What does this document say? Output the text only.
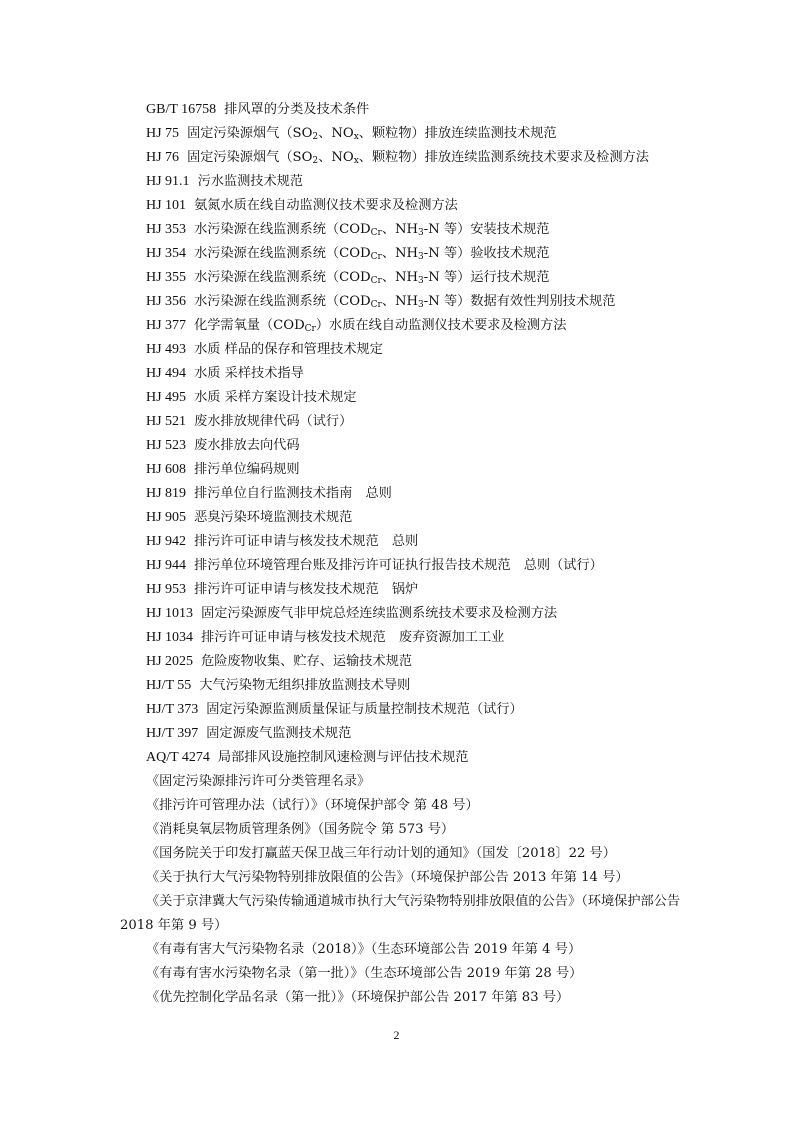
GB/T 16758 排风罩的分类及技术条件
HJ 75 固定污染源烟气（$SO_2$、$NO_x$、颗粒物）排放连续监测技术规范
HJ 76 固定污染源烟气（$SO_2$、$NO_x$、颗粒物）排放连续监测系统技术要求及检测方法
HJ 91.1 污水监测技术规范
HJ 101 氨氮水质在线自动监测仪技术要求及检测方法
HJ 353 水污染源在线监测系统（$COD_{Cr}$、$NH_3-N$ 等）安装技术规范
HJ 354 水污染源在线监测系统（$COD_{Cr}$、$NH_3-N$ 等）验收技术规范
HJ 355 水污染源在线监测系统（$COD_{Cr}$、$NH_3-N$ 等）运行技术规范
HJ 356 水污染源在线监测系统（$COD_{Cr}$、$NH_3-N$ 等）数据有效性判别技术规范
HJ 377 化学需氧量$(COD_{Cr})$水质在线自动监测仪技术要求及检测方法
HJ 493 水质 样品的保存和管理技术规定
HJ 494 水质 采样技术指导
HJ 495 水质 采样方案设计技术规定
HJ 521 废水排放规律代码（试行）
HJ 523 废水排放去向代码
HJ 608 排污单位编码规则
HJ 819 排污单位自行监测技术指南　总则
HJ 905 恶臭污染环境监测技术规范
HJ 942 排污许可证申请与核发技术规范　总则
HJ 944 排污单位环境管理台账及排污许可证执行报告技术规范　总则（试行）
HJ 953 排污许可证申请与核发技术规范　锅炉
HJ 1013 固定污染源废气非甲烷总烃连续监测系统技术要求及检测方法
HJ 1034 排污许可证申请与核发技术规范　废弃资源加工工业
HJ 2025 危险废物收集、贮存、运输技术规范
HJ/T 55 大气污染物无组织排放监测技术导则
HJ/T 373 固定污染源监测质量保证与质量控制技术规范（试行）
HJ/T 397 固定源废气监测技术规范
AQ/T 4274 局部排风设施控制风速检测与评估技术规范
《固定污染源排污许可分类管理名录》
《排污许可管理办法（试行）》（环境保护部令 第 48 号）
《消耗臭氧层物质管理条例》（国务院令 第 573 号）
《国务院关于印发打赢蓝天保卫战三年行动计划的通知》（国发〔2018〕22 号）
《关于执行大气污染物特别排放限值的公告》（环境保护部公告 2013 年第 14 号）
《关于京津冀大气污染传输通道城市执行大气污染物特别排放限值的公告》（环境保护部公告 2018 年第 9 号）
《有毒有害大气污染物名录（2018）》（生态环境部公告 2019 年第 4 号）
《有毒有害水污染物名录（第一批）》（生态环境部公告 2019 年第 28 号）
《优先控制化学品名录（第一批）》（环境保护部公告 2017 年第 83 号）
2
